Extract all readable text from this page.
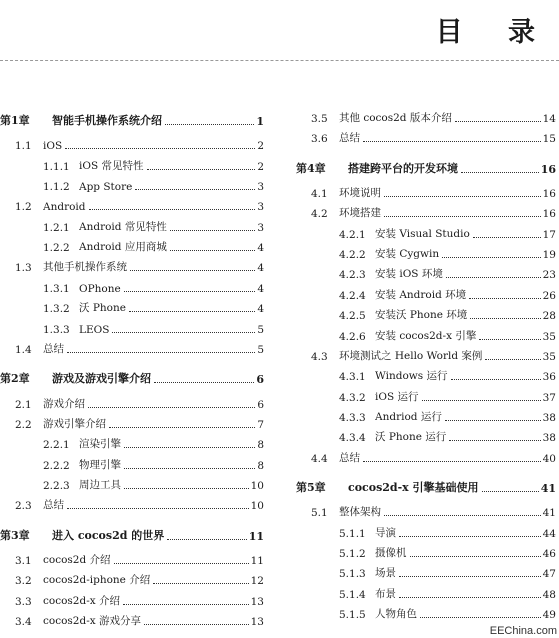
目 录
第1章	智能手机操作系统介绍	1
1.1	iOS	2
1.1.1 iOS 常见特性	2
1.1.2 App Store	3
1.2	Android	3
1.2.1 Android 常见特性	3
1.2.2 Android 应用商城	4
1.3	其他手机操作系统	4
1.3.1 OPhone	4
1.3.2 沃 Phone	4
1.3.3 LEOS	5
1.4	总结	5
第2章	游戏及游戏引擎介绍	6
2.1	游戏介绍	6
2.2	游戏引擎介绍	7
2.2.1 渲染引擎	8
2.2.2 物理引擎	8
2.2.3 周边工具	10
2.3	总结	10
第3章	进入 cocos2d 的世界	11
3.1	cocos2d 介绍	11
3.2	cocos2d-iphone 介绍	12
3.3	cocos2d-x 介绍	13
3.4	cocos2d-x 游戏分享	13
3.5	其他 cocos2d 版本介绍	14
3.6	总结	15
第4章	搭建跨平台的开发环境	16
4.1	环境说明	16
4.2	环境搭建	16
4.2.1 安装 Visual Studio	17
4.2.2 安装 Cygwin	19
4.2.3 安装 iOS 环境	23
4.2.4 安装 Android 环境	26
4.2.5 安装沃 Phone 环境	28
4.2.6 安装 cocos2d-x 引擎	35
4.3	环境测试之 Hello World 案例	35
4.3.1 Windows 运行	36
4.3.2 iOS 运行	37
4.3.3 Andriod 运行	38
4.3.4 沃 Phone 运行	38
4.4	总结	40
第5章	cocos2d-x 引擎基础使用	41
5.1	整体架构	41
5.1.1 导演	44
5.1.2 摄像机	46
5.1.3 场景	47
5.1.4 布景	48
5.1.5 人物角色	49
EEChina.com
